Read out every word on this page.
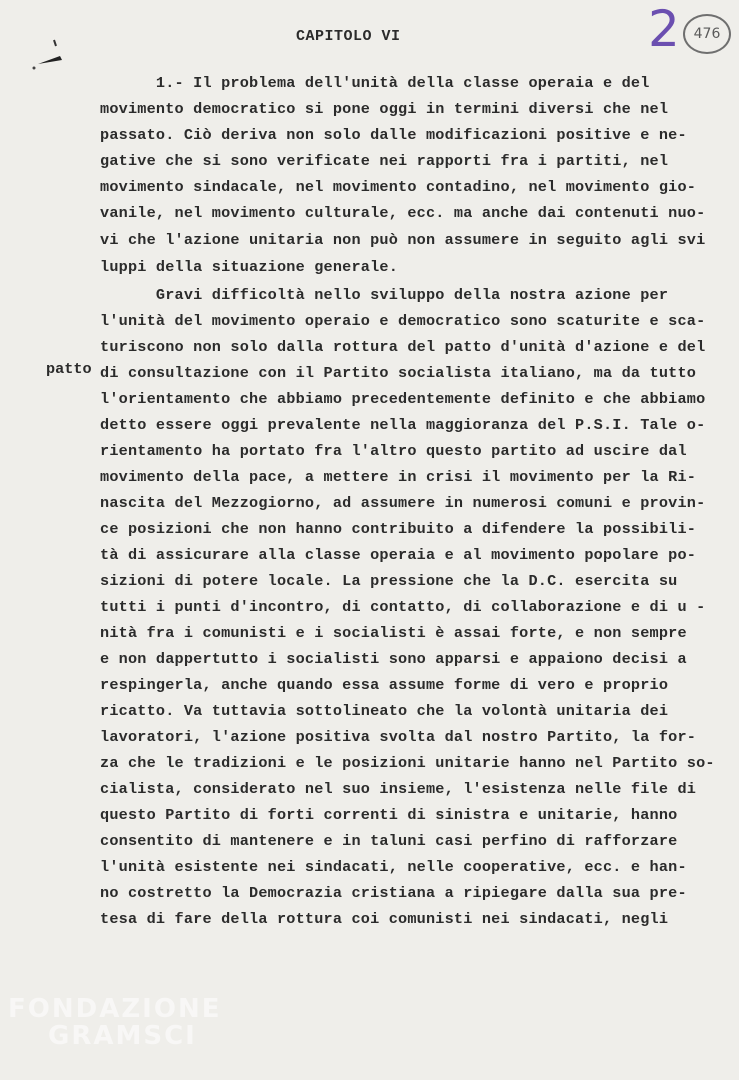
CAPITOLO VI	2 476
patto
1.- Il problema dell'unità della classe operaia e del
movimento democratico si pone oggi in termini diversi che nel
passato. Ciò deriva non solo dalle modificazioni positive e ne-
gative che si sono verificate nei rapporti fra i partiti, nel
movimento sindacale, nel movimento contadino, nel movimento gio-
vanile, nel movimento culturale, ecc. ma anche dai contenuti nuo-
vi che l'azione unitaria non può non assumere in seguito agli svi
luppi della situazione generale.
Gravi difficoltà nello sviluppo della nostra azione per
l'unità del movimento operaio e democratico sono scaturite e sca-
turiscono non solo dalla rottura del patto d'unità d'azione e del
di consultazione con il Partito socialista italiano, ma da tutto
l'orientamento che abbiamo precedentemente definito e che abbiamo
detto essere oggi prevalente nella maggioranza del P.S.I. Tale o-
rientamento ha portato fra l'altro questo partito ad uscire dal
movimento della pace, a mettere in crisi il movimento per la Ri-
nascita del Mezzogiorno, ad assumere in numerosi comuni e provin-
ce posizioni che non hanno contribuito a difendere la possibili-
tà di assicurare alla classe operaia e al movimento popolare po-
sizioni di potere locale. La pressione che la D.C. esercita su
tutti i punti d'incontro, di contatto, di collaborazione e di u -
nità fra i comunisti e i socialisti è assai forte, e non sempre
e non dappertutto i socialisti sono apparsi e appaiono decisi a
respingerla, anche quando essa assume forme di vero e proprio
ricatto. Va tuttavia sottolineato che la volontà unitaria dei
lavoratori, l'azione positiva svolta dal nostro Partito, la for-
za che le tradizioni e le posizioni unitarie hanno nel Partito so-
cialista, considerato nel suo insieme, l'esistenza nelle file di
questo Partito di forti correnti di sinistra e unitarie, hanno
consentito di mantenere e in taluni casi perfino di rafforzare
l'unità esistente nei sindacati, nelle cooperative, ecc. e han-
no costretto la Democrazia cristiana a ripiegare dalla sua pre-
tesa di fare della rottura coi comunisti nei sindacati, negli
FONDAZIONE
GRAMSCI
